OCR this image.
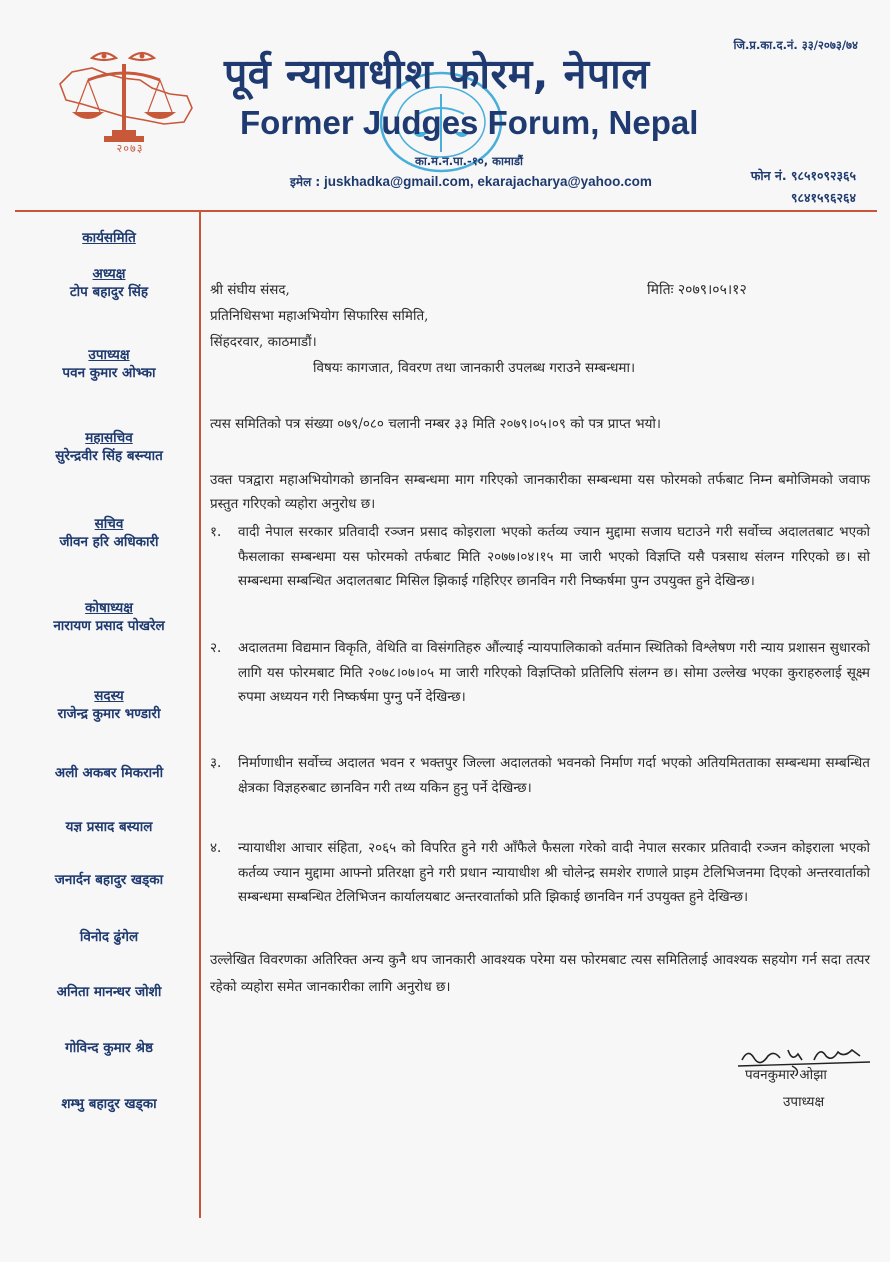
२०७३
जि.प्र.का.द.नं. ३३/२०७३/७४
पूर्व न्यायाधीश फोरम, नेपाल
Former Judges Forum, Nepal
का.म.न.पा.-१०, कामाडौं
इमेल : juskhadka@gmail.com, ekarajacharya@yahoo.com	फोन नं. ९८५१०९२३६५
९८४१५९६२६४
कार्यसमिति
अध्यक्ष
टोप बहादुर सिंह
उपाध्यक्ष
पवन कुमार ओभ्का
महासचिव
सुरेन्द्रवीर सिंह बस्न्यात
सचिव
जीवन हरि अधिकारी
कोषाध्यक्ष
नारायण प्रसाद पोखरेल
सदस्य
राजेन्द्र कुमार भण्डारी
अली अकबर मिकरानी
यज्ञ प्रसाद बस्याल
जनार्दन बहादुर खड्का
विनोद ढुंगेल
अनिता मानन्धर जोशी
गोविन्द कुमार श्रेष्ठ
शम्भु बहादुर खड्का
श्री संघीय संसद,
प्रतिनिधिसभा महाअभियोग सिफारिस समिति,
सिंहदरवार, काठमाडौं।
मितिः २०७९।०५।१२
विषयः कागजात, विवरण तथा जानकारी उपलब्ध गराउने सम्बन्धमा।
त्यस समितिको पत्र संख्या ०७९/०८० चलानी नम्बर ३३ मिति २०७९।०५।०९ को पत्र प्राप्त भयो।
उक्त पत्रद्वारा महाअभियोगको छानविन सम्बन्धमा माग गरिएको जानकारीका सम्बन्धमा यस फोरमको तर्फबाट निम्न बमोजिमको जवाफ प्रस्तुत गरिएको व्यहोरा अनुरोध छ।
१. वादी नेपाल सरकार प्रतिवादी रञ्जन प्रसाद कोइराला भएको कर्तव्य ज्यान मुद्दामा सजाय घटाउने गरी सर्वोच्च अदालतबाट भएको फैसलाका सम्बन्धमा यस फोरमको तर्फबाट मिति २०७७।०४।१५ मा जारी भएको विज्ञप्ति यसै पत्रसाथ संलग्न गरिएको छ। सो सम्बन्धमा सम्बन्धित अदालतबाट मिसिल झिकाई गहिरिएर छानविन गरी निष्कर्षमा पुग्न उपयुक्त हुने देखिन्छ।
२. अदालतमा विद्यमान विकृति, वेथिति वा विसंगतिहरु औंल्याई न्यायपालिकाको वर्तमान स्थितिको विश्लेषण गरी न्याय प्रशासन सुधारको लागि यस फोरमबाट मिति २०७८।०७।०५ मा जारी गरिएको विज्ञप्तिको प्रतिलिपि संलग्न छ। सोमा उल्लेख भएका कुराहरुलाई सूक्ष्म रुपमा अध्ययन गरी निष्कर्षमा पुग्नु पर्ने देखिन्छ।
३. निर्माणाधीन सर्वोच्च अदालत भवन र भक्तपुर जिल्ला अदालतको भवनको निर्माण गर्दा भएको अतियमितताका सम्बन्धमा सम्बन्धित क्षेत्रका विज्ञहरुबाट छानविन गरी तथ्य यकिन हुनु पर्ने देखिन्छ।
४. न्यायाधीश आचार संहिता, २०६५ को विपरित हुने गरी आँफैले फैसला गरेको वादी नेपाल सरकार प्रतिवादी रञ्जन कोइराला भएको कर्तव्य ज्यान मुद्दामा आफ्नो प्रतिरक्षा हुने गरी प्रधान न्यायाधीश श्री चोलेन्द्र समशेर राणाले प्राइम टेलिभिजनमा दिएको अन्तरवार्ताको सम्बन्धमा सम्बन्धित टेलिभिजन कार्यालयबाट अन्तरवार्ताको प्रति झिकाई छानविन गर्न उपयुक्त हुने देखिन्छ।
उल्लेखित विवरणका अतिरिक्त अन्य कुनै थप जानकारी आवश्यक परेमा यस फोरमबाट त्यस समितिलाई आवश्यक सहयोग गर्न सदा तत्पर रहेको व्यहोरा समेत जानकारीका लागि अनुरोध छ।
पवनकुमार ओझा
उपाध्यक्ष
